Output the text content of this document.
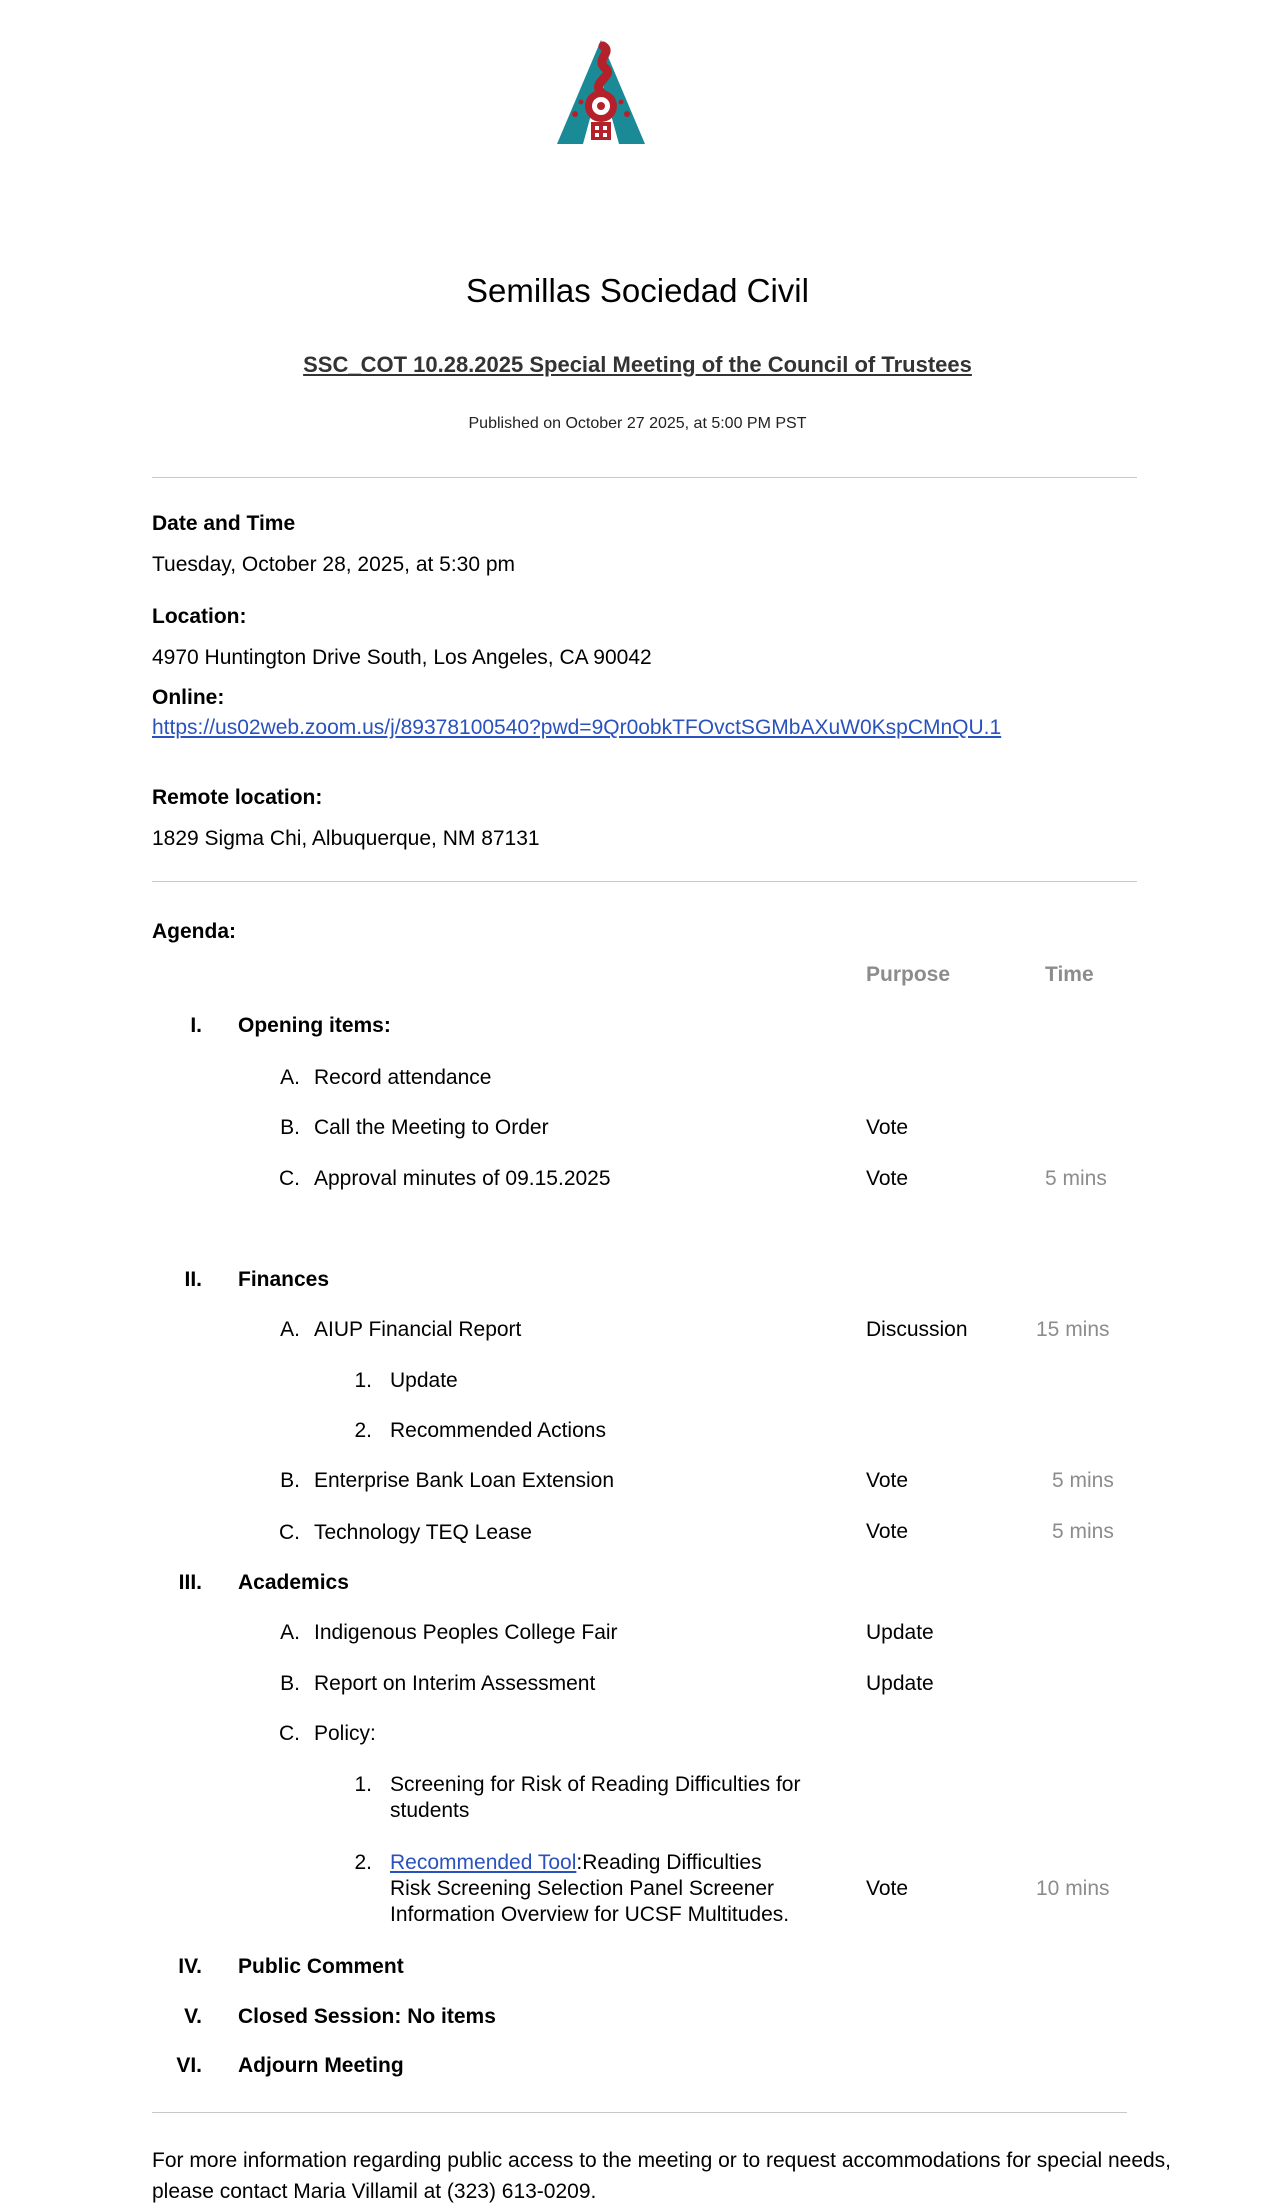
Semillas Sociedad Civil
SSC_COT 10.28.2025 Special Meeting of the Council of Trustees
Published on October 27 2025, at 5:00 PM PST
Date and Time
Tuesday, October 28, 2025, at 5:30 pm
Location:
4970 Huntington Drive South, Los Angeles, CA 90042
Online:
https://us02web.zoom.us/j/89378100540?pwd=9Qr0obkTFOvctSGMbAXuW0KspCMnQU.1
Remote location:
1829 Sigma Chi, Albuquerque, NM 87131
Agenda:
Purpose	Time
I. Opening items:
A. Record attendance
B. Call the Meeting to Order	Vote
C. Approval minutes of 09.15.2025	Vote	5 mins
II. Finances
A. AIUP Financial Report	Discussion	15 mins
1. Update
2. Recommended Actions
B. Enterprise Bank Loan Extension	Vote	5 mins
C. Technology TEQ Lease	Vote	5 mins
III. Academics
A. Indigenous Peoples College Fair	Update
B. Report on Interim Assessment	Update
C. Policy:
1. Screening for Risk of Reading Difficulties for
students
2. Recommended Tool:Reading Difficulties
Risk Screening Selection Panel Screener
Information Overview for UCSF Multitudes.
Vote	10 mins
IV. Public Comment
V. Closed Session: No items
VI. Adjourn Meeting
For more information regarding public access to the meeting or to request accommodations for special needs, please contact Maria Villamil at (323) 613-0209.
